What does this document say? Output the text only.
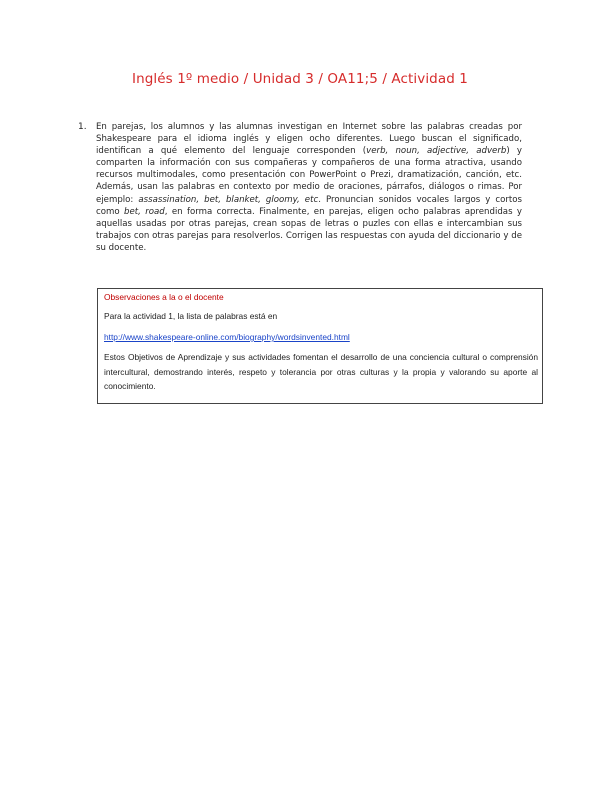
Inglés 1º medio / Unidad 3 / OA11;5 / Actividad 1
1. En parejas, los alumnos y las alumnas investigan en Internet sobre las palabras creadas por Shakespeare para el idioma inglés y eligen ocho diferentes. Luego buscan el significado, identifican a qué elemento del lenguaje corresponden (verb, noun, adjective, adverb) y comparten la información con sus compañeras y compañeros de una forma atractiva, usando recursos multimodales, como presentación con PowerPoint o Prezi, dramatización, canción, etc. Además, usan las palabras en contexto por medio de oraciones, párrafos, diálogos o rimas. Por ejemplo: assassination, bet, blanket, gloomy, etc. Pronuncian sonidos vocales largos y cortos como bet, road, en forma correcta. Finalmente, en parejas, eligen ocho palabras aprendidas y aquellas usadas por otras parejas, crean sopas de letras o puzles con ellas e intercambian sus trabajos con otras parejas para resolverlos. Corrigen las respuestas con ayuda del diccionario y de su docente.

Observaciones a la o el docente

Para la actividad 1, la lista de palabras está en

http://www.shakespeare-online.com/biography/wordsinvented.html

Estos Objetivos de Aprendizaje y sus actividades fomentan el desarrollo de una conciencia cultural o comprensión intercultural, demostrando interés, respeto y tolerancia por otras culturas y la propia y valorando su aporte al conocimiento.
